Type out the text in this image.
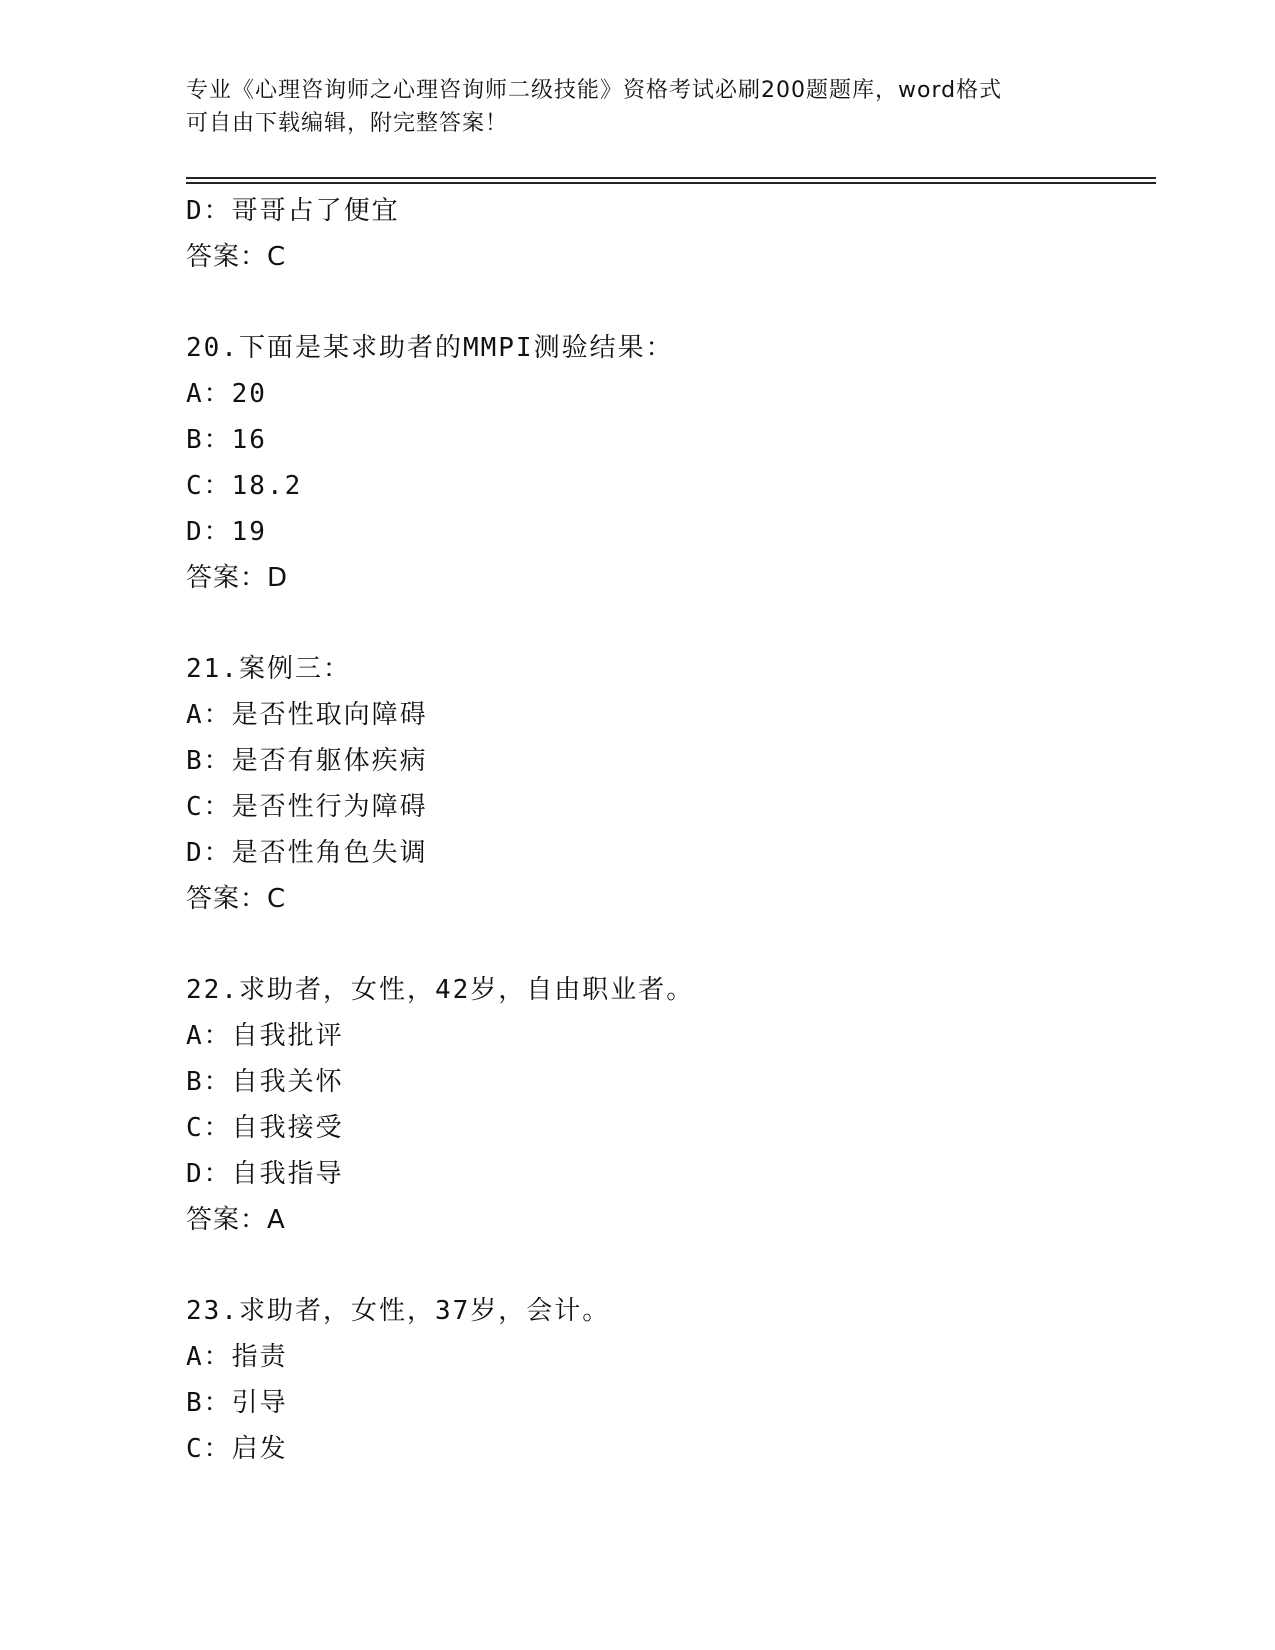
专业《心理咨询师之心理咨询师二级技能》资格考试必刷200题题库，word格式
可自由下载编辑，附完整答案！
D：哥哥占了便宜
答案：C
20.下面是某求助者的MMPI测验结果：
A：20
B：16
C：18.2
D：19
答案：D
21.案例三：
A：是否性取向障碍
B：是否有躯体疾病
C：是否性行为障碍
D：是否性角色失调
答案：C
22.求助者，女性，42岁，自由职业者。
A：自我批评
B：自我关怀
C：自我接受
D：自我指导
答案：A
23.求助者，女性，37岁，会计。
A：指责
B：引导
C：启发
